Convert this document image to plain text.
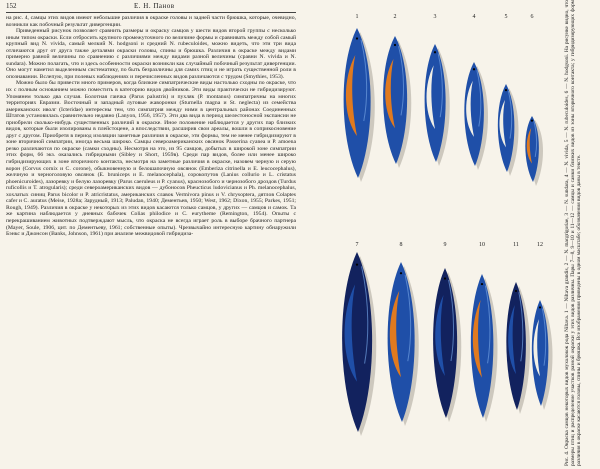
152	Е. Н. Панов

на рис. 4, самцы этих видов имеют небольшие различия в окраске головы и задней части брюшка, которые, очевидно, возникли как побочный результат дивергенции.

Приведенный рисунок позволяет сравнить размеры и окраску самцов у шести видов второй группы с несколько иным типом окраски. Если отбросить крупного промежуточного по величине формы и сравнивать между собой самый крупный вид N. vivida, самый мелкий N. hodgsoni и средний N. rubeculoides, можно видеть, что эти три вида отличаются друг от друга также деталями окраски головы, спины и брюшка. Различия в окраске между видами примерно равной величины по сравнению с различиями между видами разной величины (сравни N. vivida и N. sundara). Можно полагать, что и здесь особенности окраски возникли как случайный побочный результат дивергенции. Оно могут наметил выделенным систематику, по быть безразличны для самих птиц и не играть существенной роли в опознавании. Вслепую, при полевых наблюдениях и перечисленных видов различаются с трудом (Smythies, 1953).

Можно было бы привести много примеров, когда близкие симпатрические виды настолько сходны по окраске, что их с полным основанием можно поместить в категорию видов двойников. Эти виды практически не гибридизируют. Упомянем только два случая. Болотная гаичка (Parus palustris) и пухляк (P. montanus) симпатричны на многих территориях Евразии. Восточный и западный луговые жаворонки (Sturnella magna и St. neglecta) из семейства американских иволг (Icteridae) интересны тем, что симпатрия между ними в центральных районах Соединенных Штатов установилась сравнительно недавно (Lanyon, 1956, 1957). Эти два вида в период шелестоносной экспансии не приобрели сколько-нибудь существенных различий в окраске. Иное положение наблюдается у других пар близких видов, которые были изолированы в плейстоцене, а впоследствии, расширив свои ареалы, вошли в соприкосновение друг с другом. Приобретя в период изоляции заметные различия в окраске, эти формы, тем не менее гибридизируют в зоне вторичной симпатрии, иногда весьма широко. Самцы североамериканских овсянок Passerina cyanea и P. amoena резко различаются по окраске (самки сходны). Несмотря на это, из 95 самцов, добытых в широкой зоне симпатрии этих форм, 66 экз. оказались гибридными (Sibley и Short, 1959в). Среди пар видов, более или менее широко гибридизирующих в зоне вторичного контакта, несмотря на заметные различия в окраске, назовем черную и серую ворон (Corvus cornix и C. corone), обыкновенную и белошапочную овсянок (Emberiza citrinella и E. leucocephalus), желчную и черноголовую овсянок (E. bruniceps и E. melanocephala), сорокопутов (Lanius collurio и L. cristatus phoenicuroides), лазоревку и белую лазоревку (Parus caeruleus и P. cyanus), краснозобого и чернозобого дроздов (Turdus ruficollis и T. atrogularis); среди североамериканских видов — дубоносов Pheucticus ludovicianus и Ph. melanocephalus, хохлатых синиц Parus bicolor и P. atricristatus, американских славок Vermivora pinus и V. chrysoptera, дятлов Colaptes cafer и C. auratus (Meise, 1928a; Зарудный, 1913; Paludan, 1940; Дементьев, 1950; West, 1962; Dixon, 1955; Parkes, 1951; Rough, 1949). Различия в окраске у некоторых из этих видов касаются только самцов, у других — самцов и самок. Та же картина наблюдается у дневных бабочек Colias philodice и C. eurytheme (Remington, 1954). Опыты с перекрашиванием животных подтверждают мысль, что окраска не всегда играет роль в выборе брачного партнера (Mayer, Soule, 1906, цит. по Дементьеву, 1961; собственные опыты). Чрезвычайно интересную картину обнаружили Бэнкс и Джонсон (Banks, Johnson, 1961) при анализе межвидовой гибридиза-

1	2	3	4	5	6
7	8	9	10	11	12	Рис. 4. Окраска самцов некоторых видов мухоловок рода Niltava. 1 — Niltava grandis, 2 — N. macgrigoriae, 3 — N. sundara, 4 — N. vivida, 5 — N. rubeculoides, 6 — N. hodgsoni. На рисунке видно, что размеры птиц и распределение участков разной окраски у этих видов различны. Пары 7—8, 9—10 и 11—12 — самцы и самки близких видов из зоны вторичного контакта; у гибридизирующих форм различия в окраске касаются головы, спины и брюшка. Все изображения приведены в одном масштабе; обозначения видов даны в тексте.
